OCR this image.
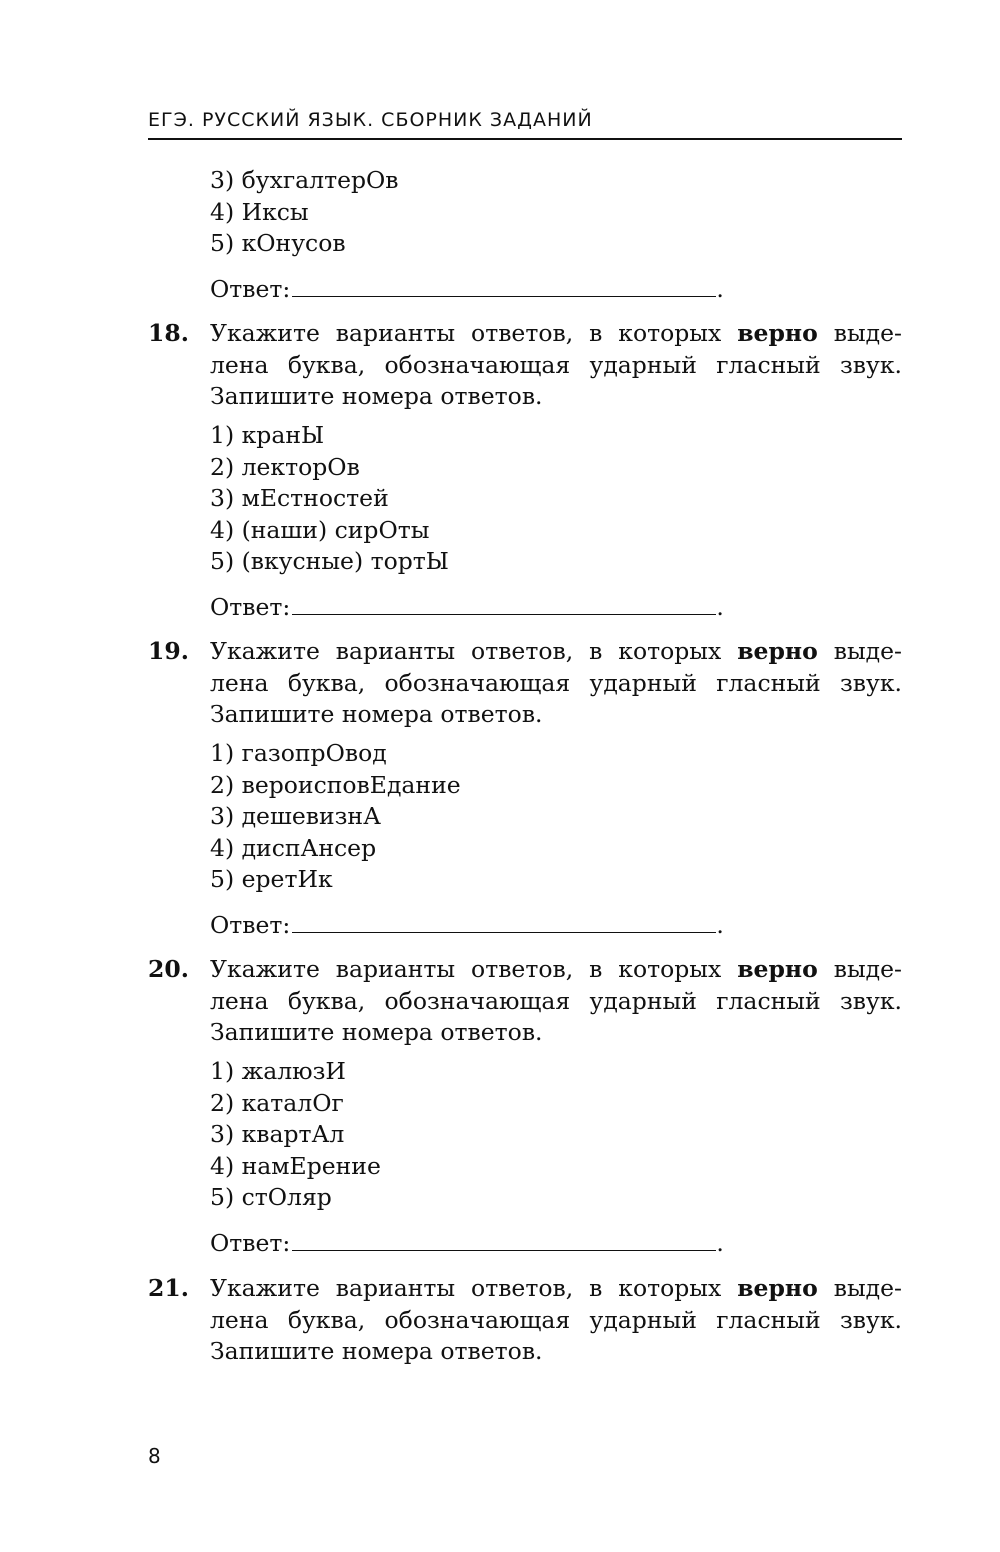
ЕГЭ. РУССКИЙ ЯЗЫК. СБОРНИК ЗАДАНИЙ
3) бухгалтерОв
4) Иксы
5) кОнусов
Ответ:	.
18. Укажите варианты ответов, в которых верно выде-
лена буква, обозначающая ударный гласный звук.
Запишите номера ответов.
1) кранЫ
2) лекторОв
3) мЕстностей
4) (наши) сирОты
5) (вкусные) тортЫ
Ответ:	.
19. Укажите варианты ответов, в которых верно выде-
лена буква, обозначающая ударный гласный звук.
Запишите номера ответов.
1) газопрОвод
2) вероисповЕдание
3) дешевизнА
4) диспАнсер
5) еретИк
Ответ:	.
20. Укажите варианты ответов, в которых верно выде-
лена буква, обозначающая ударный гласный звук.
Запишите номера ответов.
1) жалюзИ
2) каталОг
3) квартАл
4) намЕрение
5) стОляр
Ответ:	.
21. Укажите варианты ответов, в которых верно выде-
лена буква, обозначающая ударный гласный звук.
Запишите номера ответов.
8
